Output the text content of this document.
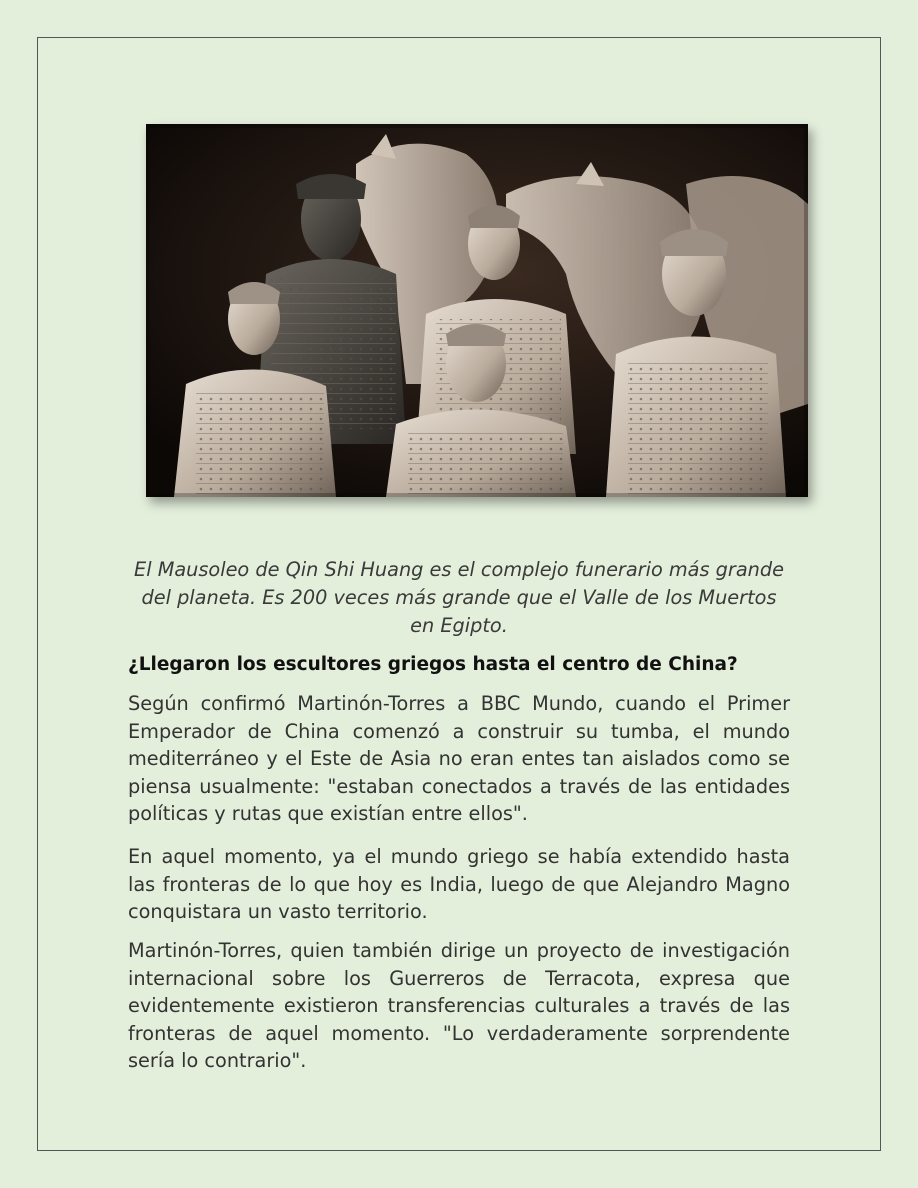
El Mausoleo de Qin Shi Huang es el complejo funerario más grande del planeta. Es 200 veces más grande que el Valle de los Muertos en Egipto.

¿Llegaron los escultores griegos hasta el centro de China?

Según confirmó Martinón-Torres a BBC Mundo, cuando el Primer Emperador de China comenzó a construir su tumba, el mundo mediterráneo y el Este de Asia no eran entes tan aislados como se piensa usualmente: "estaban conectados a través de las entidades políticas y rutas que existían entre ellos".

En aquel momento, ya el mundo griego se había extendido hasta las fronteras de lo que hoy es India, luego de que Alejandro Magno conquistara un vasto territorio.

Martinón-Torres, quien también dirige un proyecto de investigación internacional sobre los Guerreros de Terracota, expresa que evidentemente existieron transferencias culturales a través de las fronteras de aquel momento. "Lo verdaderamente sorprendente sería lo contrario".
